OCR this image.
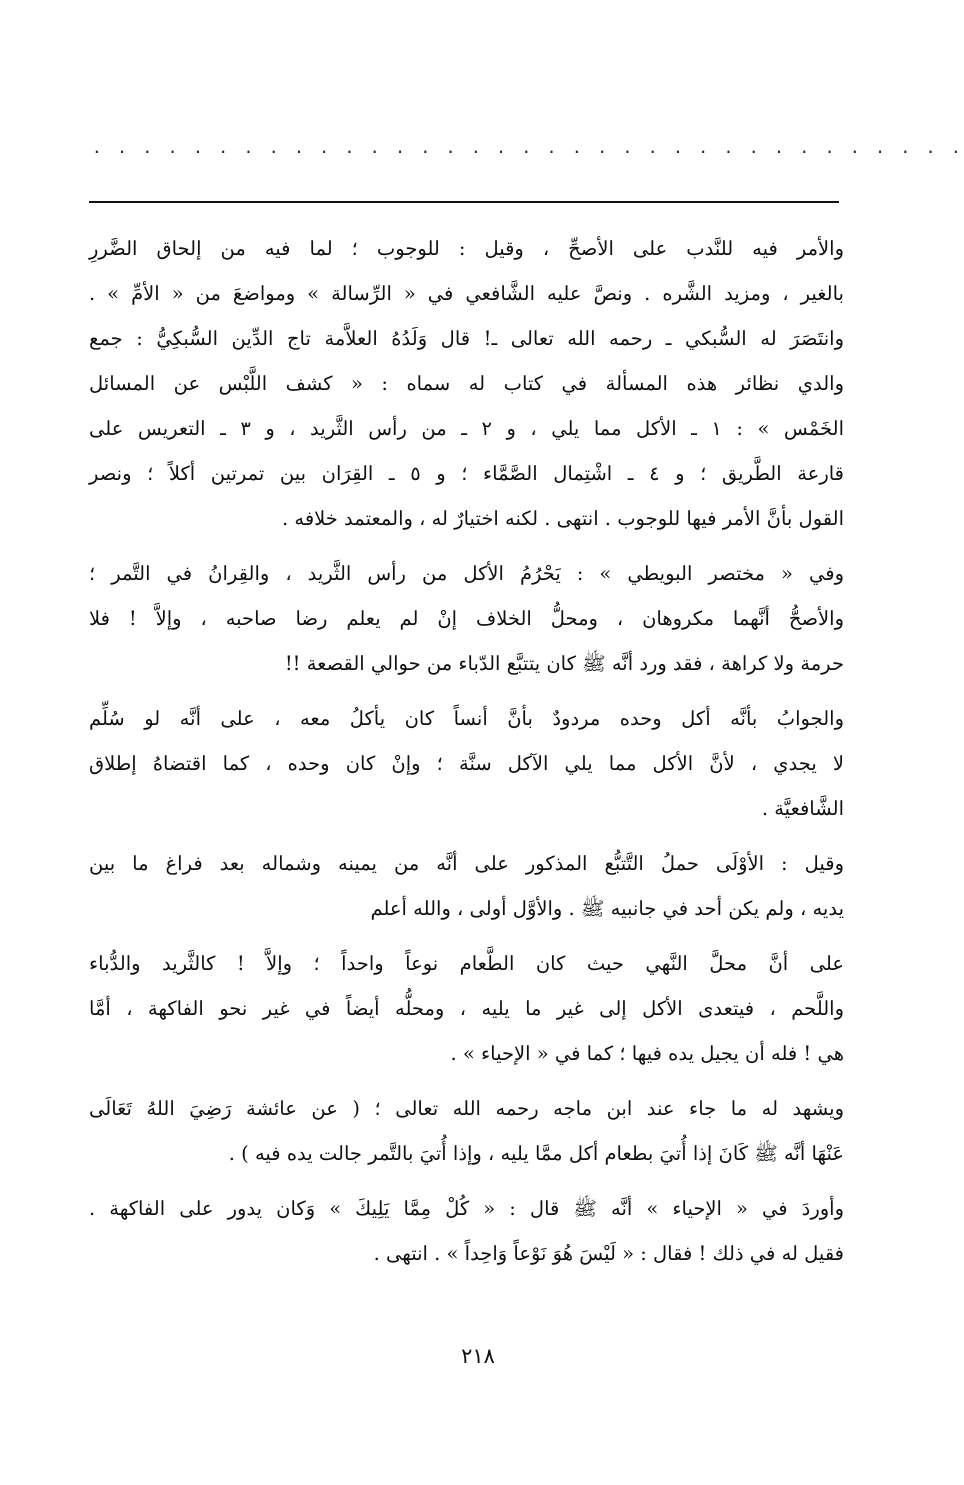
. . . . . . . . . . . . . . . . . . . . . . . . . . . . . . . . . . .
والأمر فيه للنَّدب على الأصحِّ ، وقيل : للوجوب ؛ لما فيه من إلحاق الضَّررِ
بالغير ، ومزيد الشَّره . ونصَّ عليه الشَّافعي في « الرِّسالة » ومواضعَ من « الأمِّ » .
وانتَصَرَ له السُّبكي ـ رحمه الله تعالى ـ! قال وَلَدُهُ العلاَّمة تاج الدِّين السُّبكِيُّ : جمع
والدي نظائر هذه المسألة في كتاب له سماه : « كشف اللَّبْس عن المسائل
الخَمْس » : ١ ـ الأكل مما يلي ، و ٢ ـ من رأس الثَّريد ، و ٣ ـ التعريس على
قارعة الطَّريق ؛ و ٤ ـ اشْتِمال الصَّمَّاء ؛ و ٥ ـ القِرَان بين تمرتين أكلاً ؛ ونصر
القول بأنَّ الأمر فيها للوجوب . انتهى . لكنه اختيارٌ له ، والمعتمد خلافه .
وفي « مختصر البويطي » : يَحْرُمُ الأكل من رأس الثَّريد ، والقِرانُ في التَّمر ؛
والأصحُّ أنَّهما مكروهان ، ومحلُّ الخلاف إنْ لم يعلم رضا صاحبه ، وإلاَّ ! فلا
حرمة ولا كراهة ، فقد ورد أنَّه ﷺ كان يتتبَّع الدّباء من حوالي القصعة !!
والجوابُ بأنَّه أكل وحده مردودٌ بأنَّ أنساً كان يأكلُ معه ، على أنَّه لو سُلِّم
لا يجدي ، لأنَّ الأكل مما يلي الآكل سنَّة ؛ وإنْ كان وحده ، كما اقتضاهُ إطلاق
الشَّافعيَّة .
وقيل : الأوْلَى حملُ التَّتبُّع المذكور على أنَّه من يمينه وشماله بعد فراغ ما بين
يديه ، ولم يكن أحد في جانبيه ﷺ . والأوَّل أولى ، والله أعلم
على أنَّ محلَّ النَّهي حيث كان الطَّعام نوعاً واحداً ؛ وإلاَّ ! كالثَّريد والدُّباء
واللَّحم ، فيتعدى الأكل إلى غير ما يليه ، ومحلُّه أيضاً في غير نحو الفاكهة ، أمَّا
هي ! فله أن يجيل يده فيها ؛ كما في « الإحياء » .
ويشهد له ما جاء عند ابن ماجه رحمه الله تعالى ؛ ( عن عائشة رَضِيَ اللهُ تَعَالَى
عَنْهَا أنَّه ﷺ كَانَ إذا أُتيَ بطعام أكل ممَّا يليه ، وإذا أُتيَ بالتَّمر جالت يده فيه ) .
وأوردَ في « الإحياء » أنَّه ﷺ قال : « كُلْ مِمَّا يَلِيكَ » وَكان يدور على الفاكهة .
فقيل له في ذلك ! فقال : « لَيْسَ هُوَ نَوْعاً وَاحِداً » . انتهى .
٢١٨
